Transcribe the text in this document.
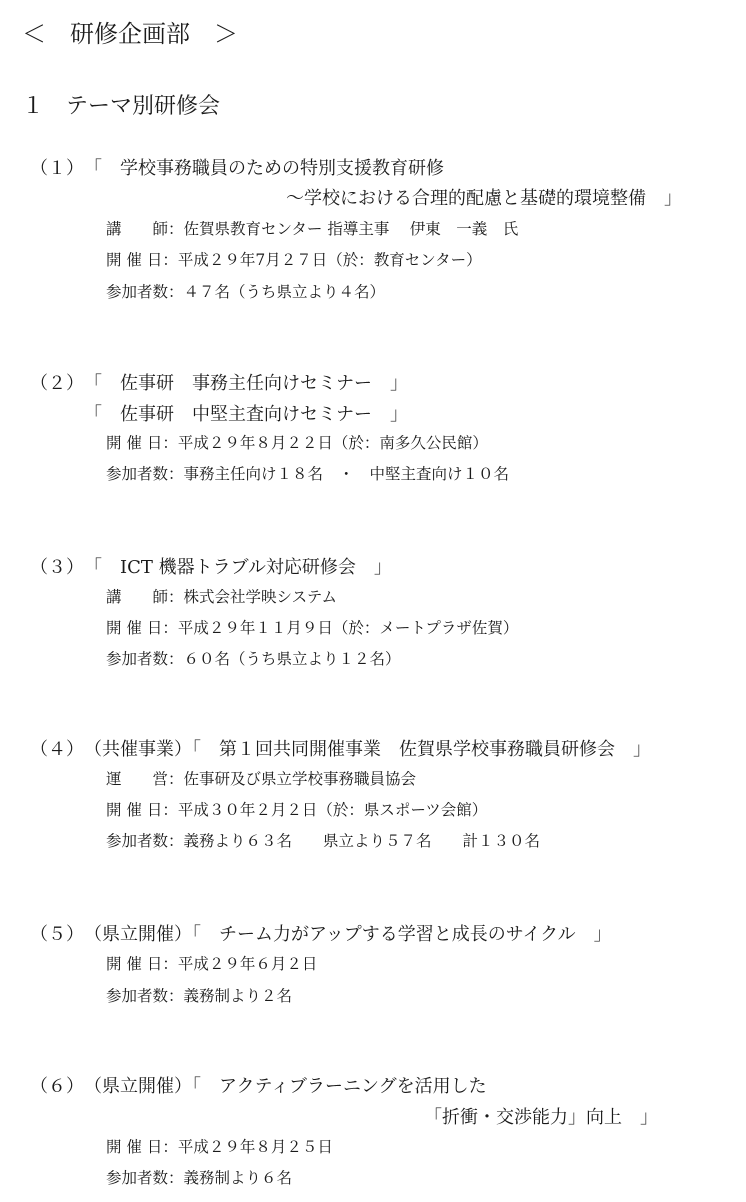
＜　研修企画部　＞
１　テーマ別研修会
（１） 「　学校事務職員のための特別支援教育研修
～学校における合理的配慮と基礎的環境整備　」
講　　師：佐賀県教育センター 指導主事　 伊東　一義　氏
開 催 日：平成２９年7月２７日（於：教育センター）
参加者数：４７名（うち県立より４名）
（２） 「　佐事研　事務主任向けセミナー　」
「　佐事研　中堅主査向けセミナー　」
開 催 日：平成２９年８月２２日（於：南多久公民館）
参加者数：事務主任向け１８名　・　中堅主査向け１０名
（３） 「　ICT 機器トラブル対応研修会　」
講　　師：株式会社学映システム
開 催 日：平成２９年１１月９日（於：メートプラザ佐賀）
参加者数：６０名（うち県立より１２名）
（４） （共催事業）「　第１回共同開催事業　佐賀県学校事務職員研修会　」
運　　営：佐事研及び県立学校事務職員協会
開 催 日：平成３０年２月２日（於：県スポーツ会館）
参加者数：義務より６３名　　県立より５７名　　計１３０名
（５） （県立開催）「　チーム力がアップする学習と成長のサイクル　」
開 催 日：平成２９年６月２日
参加者数：義務制より２名
（６） （県立開催）「　アクティブラーニングを活用した
「折衝・交渉能力」向上　」
開 催 日：平成２９年８月２５日
参加者数：義務制より６名
